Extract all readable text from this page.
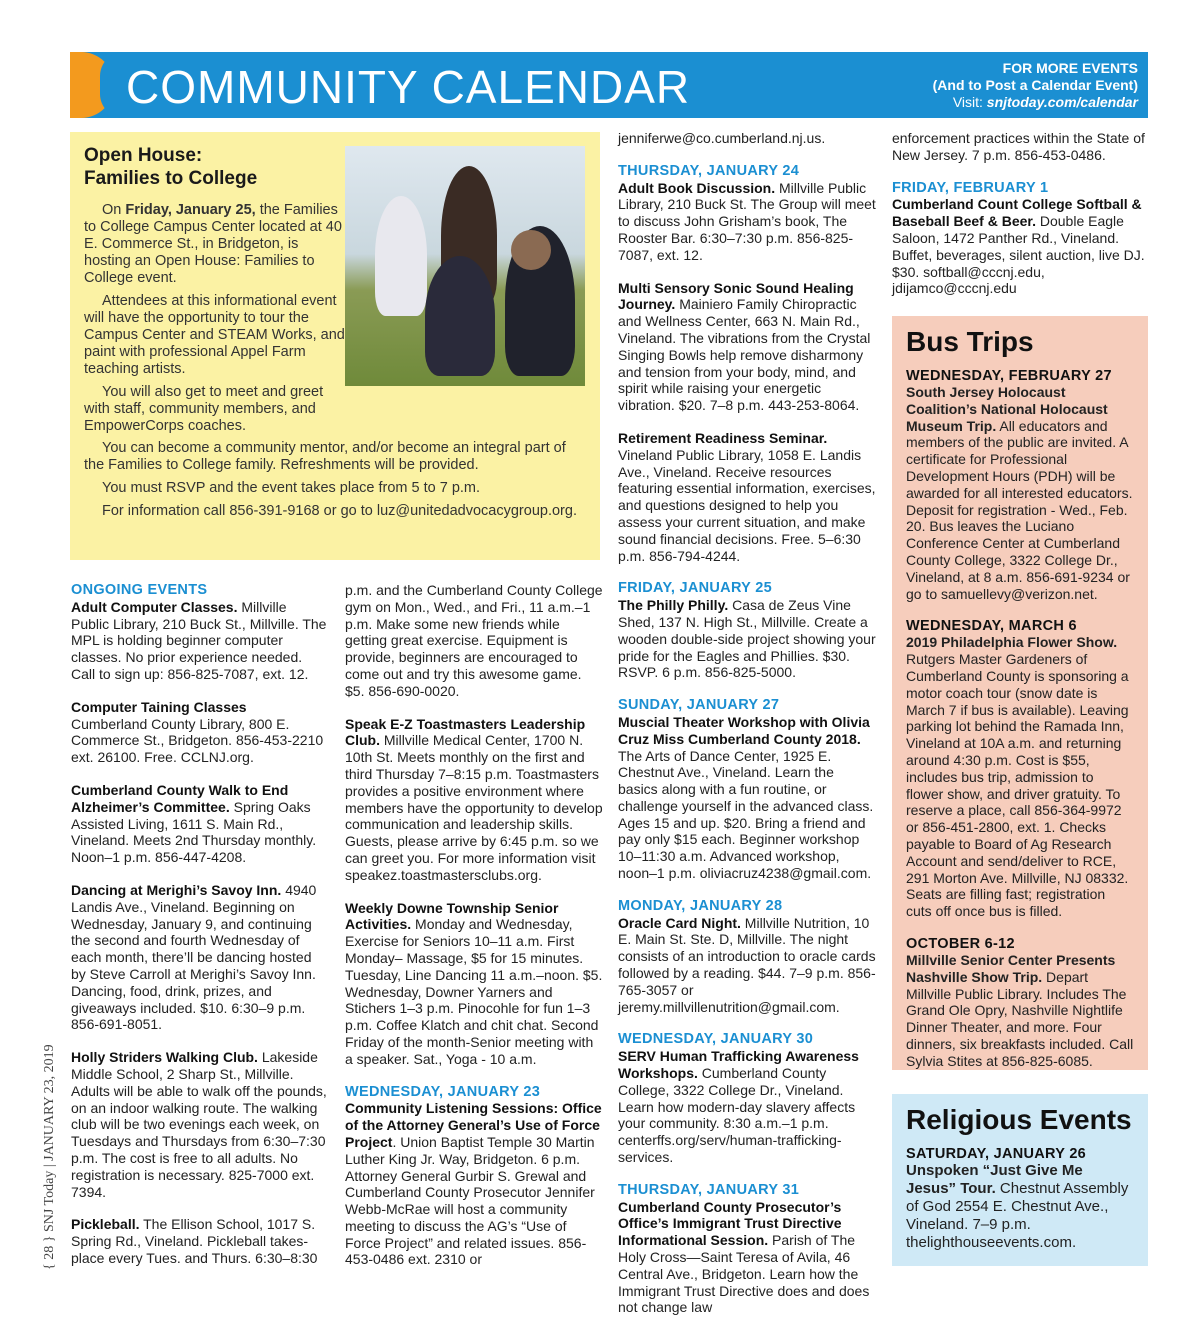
COMMUNITY CALENDAR	FOR MORE EVENTS
(And to Post a Calendar Event)
Visit: snjtoday.com/calendar
Open House:
Families to College

On Friday, January 25, the Families to College Campus Center located at 40 E. Commerce St., in Bridgeton, is hosting an Open House: Families to College event.

Attendees at this informational event will have the opportunity to tour the Campus Center and STEAM Works, and paint with professional Appel Farm teaching artists.

You will also get to meet and greet with staff, community members, and EmpowerCorps coaches.

You can become a community mentor, and/or become an integral part of the Families to College family. Refreshments will be provided.

You must RSVP and the event takes place from 5 to 7 p.m.

For information call 856-391-9168 or go to luz@unitedadvocacygroup.org.

ONGOING EVENTS
Adult Computer Classes. Millville Public Library, 210 Buck St., Millville. The MPL is holding beginner computer classes. No prior experience needed. Call to sign up: 856-825-7087, ext. 12.
Computer Taining Classes
Cumberland County Library, 800 E. Commerce St., Bridgeton. 856-453-2210 ext. 26100. Free. CCLNJ.org.
Cumberland County Walk to End Alzheimer’s Committee. Spring Oaks Assisted Living, 1611 S. Main Rd., Vineland. Meets 2nd Thursday monthly. Noon–1 p.m. 856-447-4208.
Dancing at Merighi’s Savoy Inn. 4940 Landis Ave., Vineland. Beginning on Wednesday, January 9, and continuing the second and fourth Wednesday of each month, there’ll be dancing hosted by Steve Carroll at Merighi’s Savoy Inn. Dancing, food, drink, prizes, and giveaways included. $10. 6:30–9 p.m. 856-691-8051.
Holly Striders Walking Club. Lakeside Middle School, 2 Sharp St., Millville. Adults will be able to walk off the pounds, on an indoor walking route. The walking club will be two evenings each week, on Tuesdays and Thursdays from 6:30–7:30 p.m. The cost is free to all adults. No registration is necessary. 825-7000 ext. 7394.
Pickleball. The Ellison School, 1017 S. Spring Rd., Vineland. Pickleball takes-place every Tues. and Thurs. 6:30–8:30
p.m. and the Cumberland County College gym on Mon., Wed., and Fri., 11 a.m.–1 p.m. Make some new friends while getting great exercise. Equipment is provide, beginners are encouraged to come out and try this awesome game. $5. 856-690-0020.
Speak E-Z Toastmasters Leadership Club. Millville Medical Center, 1700 N. 10th St. Meets monthly on the first and third Thursday 7–8:15 p.m. Toastmasters provides a positive environment where members have the opportunity to develop communication and leadership skills. Guests, please arrive by 6:45 p.m. so we can greet you. For more information visit speakez.toastmastersclubs.org.
Weekly Downe Township Senior Activities. Monday and Wednesday, Exercise for Seniors 10–11 a.m. First Monday– Massage, $5 for 15 minutes. Tuesday, Line Dancing 11 a.m.–noon. $5. Wednesday, Downer Yarners and Stichers 1–3 p.m. Pinocohle for fun 1–3 p.m. Coffee Klatch and chit chat. Second Friday of the month-Senior meeting with a speaker. Sat., Yoga - 10 a.m.
WEDNESDAY, JANUARY 23
Community Listening Sessions: Office of the Attorney General’s Use of Force Project. Union Baptist Temple 30 Martin Luther King Jr. Way, Bridgeton. 6 p.m. Attorney General Gurbir S. Grewal and Cumberland County Prosecutor Jennifer Webb-McRae will host a community meeting to discuss the AG’s “Use of Force Project” and related issues. 856-453-0486 ext. 2310 or
jenniferwe@co.cumberland.nj.us.
THURSDAY, JANUARY 24
Adult Book Discussion. Millville Public Library, 210 Buck St. The Group will meet to discuss John Grisham’s book, The Rooster Bar. 6:30–7:30 p.m. 856-825-7087, ext. 12.
Multi Sensory Sonic Sound Healing Journey. Mainiero Family Chiropractic and Wellness Center, 663 N. Main Rd., Vineland. The vibrations from the Crystal Singing Bowls help remove disharmony and tension from your body, mind, and spirit while raising your energetic vibration. $20. 7–8 p.m. 443-253-8064.
Retirement Readiness Seminar. Vineland Public Library, 1058 E. Landis Ave., Vineland. Receive resources featuring essential information, exercises, and questions designed to help you assess your current situation, and make sound financial decisions. Free. 5–6:30 p.m. 856-794-4244.
FRIDAY, JANUARY 25
The Philly Philly. Casa de Zeus Vine Shed, 137 N. High St., Millville. Create a wooden double-side project showing your pride for the Eagles and Phillies. $30. RSVP. 6 p.m. 856-825-5000.
SUNDAY, JANUARY 27
Muscial Theater Workshop with Olivia Cruz Miss Cumberland County 2018. The Arts of Dance Center, 1925 E. Chestnut Ave., Vineland. Learn the basics along with a fun routine, or challenge yourself in the advanced class. Ages 15 and up. $20. Bring a friend and pay only $15 each. Beginner workshop 10–11:30 a.m. Advanced workshop, noon–1 p.m. oliviacruz4238@gmail.com.
MONDAY, JANUARY 28
Oracle Card Night. Millville Nutrition, 10 E. Main St. Ste. D, Millville. The night consists of an introduction to oracle cards followed by a reading. $44. 7–9 p.m. 856-765-3057 or jeremy.millvillenutrition@gmail.com.
WEDNESDAY, JANUARY 30
SERV Human Trafficking Awareness Workshops. Cumberland County College, 3322 College Dr., Vineland. Learn how modern-day slavery affects your community. 8:30 a.m.–1 p.m. centerffs.org/serv/human-trafficking-services.
THURSDAY, JANUARY 31
Cumberland County Prosecutor’s Office’s Immigrant Trust Directive Informational Session. Parish of The Holy Cross—Saint Teresa of Avila, 46 Central Ave., Bridgeton. Learn how the Immigrant Trust Directive does and does not change law
enforcement practices within the State of New Jersey. 7 p.m. 856-453-0486.
FRIDAY, FEBRUARY 1
Cumberland Count College Softball & Baseball Beef & Beer. Double Eagle Saloon, 1472 Panther Rd., Vineland. Buffet, beverages, silent auction, live DJ. $30. softball@cccnj.edu, jdijamco@cccnj.edu
Bus Trips
WEDNESDAY, FEBRUARY 27
South Jersey Holocaust Coalition’s National Holocaust Museum Trip. All educators and members of the public are invited. A certificate for Professional Development Hours (PDH) will be awarded for all interested educators. Deposit for registration - Wed., Feb. 20. Bus leaves the Luciano Conference Center at Cumberland County College, 3322 College Dr., Vineland, at 8 a.m. 856-691-9234 or go to samuellevy@verizon.net.
WEDNESDAY, MARCH 6
2019 Philadelphia Flower Show. Rutgers Master Gardeners of Cumberland County is sponsoring a motor coach tour (snow date is March 7 if bus is available). Leaving parking lot behind the Ramada Inn, Vineland at 10A a.m. and returning around 4:30 p.m. Cost is $55, includes bus trip, admission to flower show, and driver gratuity. To reserve a place, call 856-364-9972 or 856-451-2800, ext. 1. Checks payable to Board of Ag Research Account and send/deliver to RCE, 291 Morton Ave. Millville, NJ 08332. Seats are filling fast; registration cuts off once bus is filled.
OCTOBER 6-12
Millville Senior Center Presents Nashville Show Trip. Depart Millville Public Library. Includes The Grand Ole Opry, Nashville Nightlife Dinner Theater, and more. Four dinners, six breakfasts included. Call Sylvia Stites at 856-825-6085.
Religious Events
SATURDAY, JANUARY 26
Unspoken “Just Give Me Jesus” Tour. Chestnut Assembly of God 2554 E. Chestnut Ave., Vineland. 7–9 p.m. thelighthouseevents.com.
{ 28 } SNJ Today | JANUARY 23, 2019
